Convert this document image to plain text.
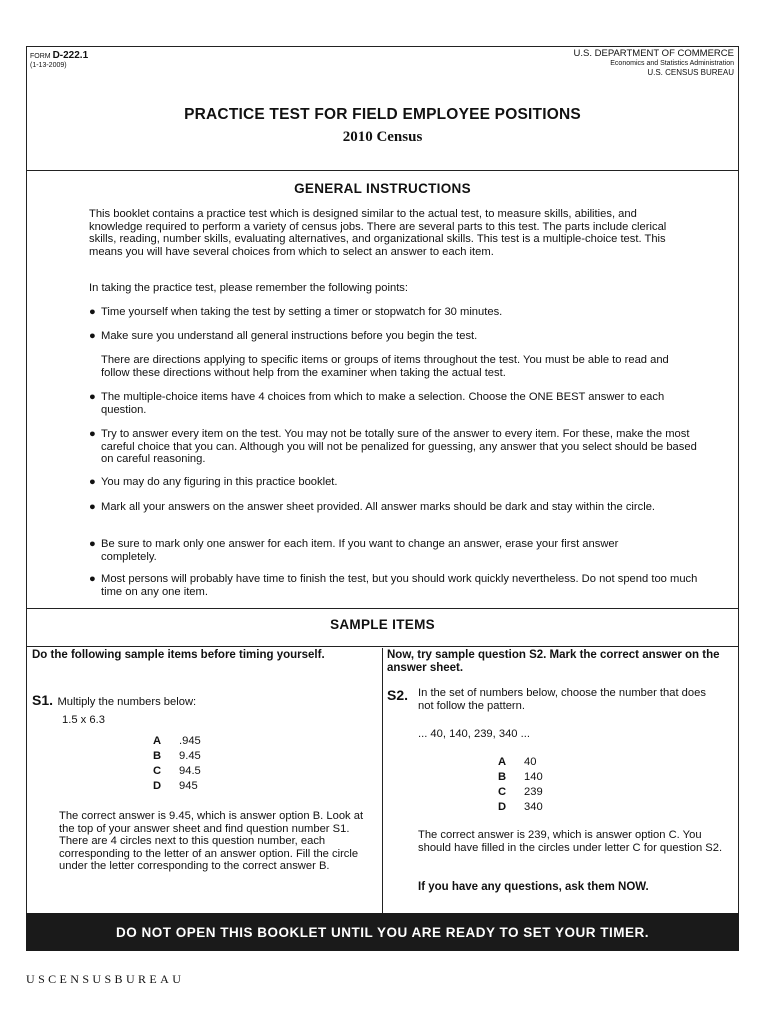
FORM D-222.1
(1-13-2009)
U.S. DEPARTMENT OF COMMERCE
Economics and Statistics Administration
U.S. CENSUS BUREAU
PRACTICE TEST FOR FIELD EMPLOYEE POSITIONS
2010 Census
GENERAL INSTRUCTIONS
This booklet contains a practice test which is designed similar to the actual test, to measure skills, abilities, and knowledge required to perform a variety of census jobs. There are several parts to this test. The parts include clerical skills, reading, number skills, evaluating alternatives, and organizational skills. This test is a multiple-choice test. This means you will have several choices from which to select an answer to each item.
In taking the practice test, please remember the following points:
● Time yourself when taking the test by setting a timer or stopwatch for 30 minutes.
● Make sure you understand all general instructions before you begin the test.
There are directions applying to specific items or groups of items throughout the test. You must be able to read and follow these directions without help from the examiner when taking the actual test.
● The multiple-choice items have 4 choices from which to make a selection. Choose the ONE BEST answer to each question.
● Try to answer every item on the test. You may not be totally sure of the answer to every item. For these, make the most careful choice that you can. Although you will not be penalized for guessing, any answer that you select should be based on careful reasoning.
● You may do any figuring in this practice booklet.
● Mark all your answers on the answer sheet provided. All answer marks should be dark and stay within the circle.
● Be sure to mark only one answer for each item. If you want to change an answer, erase your first answer completely.
● Most persons will probably have time to finish the test, but you should work quickly nevertheless. Do not spend too much time on any one item.
SAMPLE ITEMS
Do the following sample items before timing yourself.
S1. Multiply the numbers below:
1.5 x 6.3
A .945
B 9.45
C 94.5
D 945
The correct answer is 9.45, which is answer option B. Look at the top of your answer sheet and find question number S1. There are 4 circles next to this question number, each corresponding to the letter of an answer option. Fill the circle under the letter corresponding to the correct answer B.
Now, try sample question S2. Mark the correct answer on the answer sheet.
S2. In the set of numbers below, choose the number that does not follow the pattern.
... 40, 140, 239, 340 ...
A 40
B 140
C 239
D 340
The correct answer is 239, which is answer option C. You should have filled in the circles under letter C for question S2.
If you have any questions, ask them NOW.
DO NOT OPEN THIS BOOKLET UNTIL YOU ARE READY TO SET YOUR TIMER.
USCENSUSBUREAU
